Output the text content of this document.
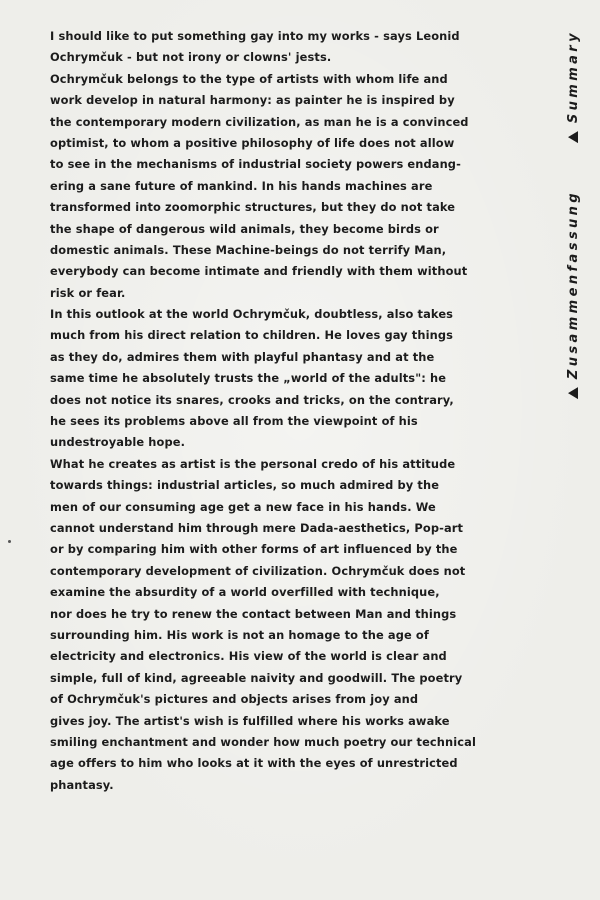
I should like to put something gay into my works - says Leonid
Ochrymčuk - but not irony or clowns' jests.
Ochrymčuk belongs to the type of artists with whom life and
work develop in natural harmony: as painter he is inspired by
the contemporary modern civilization, as man he is a convinced
optimist, to whom a positive philosophy of life does not allow
to see in the mechanisms of industrial society powers endang-
ering a sane future of mankind. In his hands machines are
transformed into zoomorphic structures, but they do not take
the shape of dangerous wild animals, they become birds or
domestic animals. These Machine-beings do not terrify Man,
everybody can become intimate and friendly with them without
risk or fear.
In this outlook at the world Ochrymčuk, doubtless, also takes
much from his direct relation to children. He loves gay things
as they do, admires them with playful phantasy and at the
same time he absolutely trusts the „world of the adults": he
does not notice its snares, crooks and tricks, on the contrary,
he sees its problems above all from the viewpoint of his
undestroyable hope.
What he creates as artist is the personal credo of his attitude
towards things: industrial articles, so much admired by the
men of our consuming age get a new face in his hands. We
cannot understand him through mere Dada-aesthetics, Pop-art
or by comparing him with other forms of art influenced by the
contemporary development of civilization. Ochrymčuk does not
examine the absurdity of a world overfilled with technique,
nor does he try to renew the contact between Man and things
surrounding him. His work is not an homage to the age of
electricity and electronics. His view of the world is clear and
simple, full of kind, agreeable naivity and goodwill. The poetry
of Ochrymčuk's pictures and objects arises from joy and
gives joy. The artist's wish is fulfilled where his works awake
smiling enchantment and wonder how much poetry our technical
age offers to him who looks at it with the eyes of unrestricted
phantasy.
Summary
Zusammenfassung
